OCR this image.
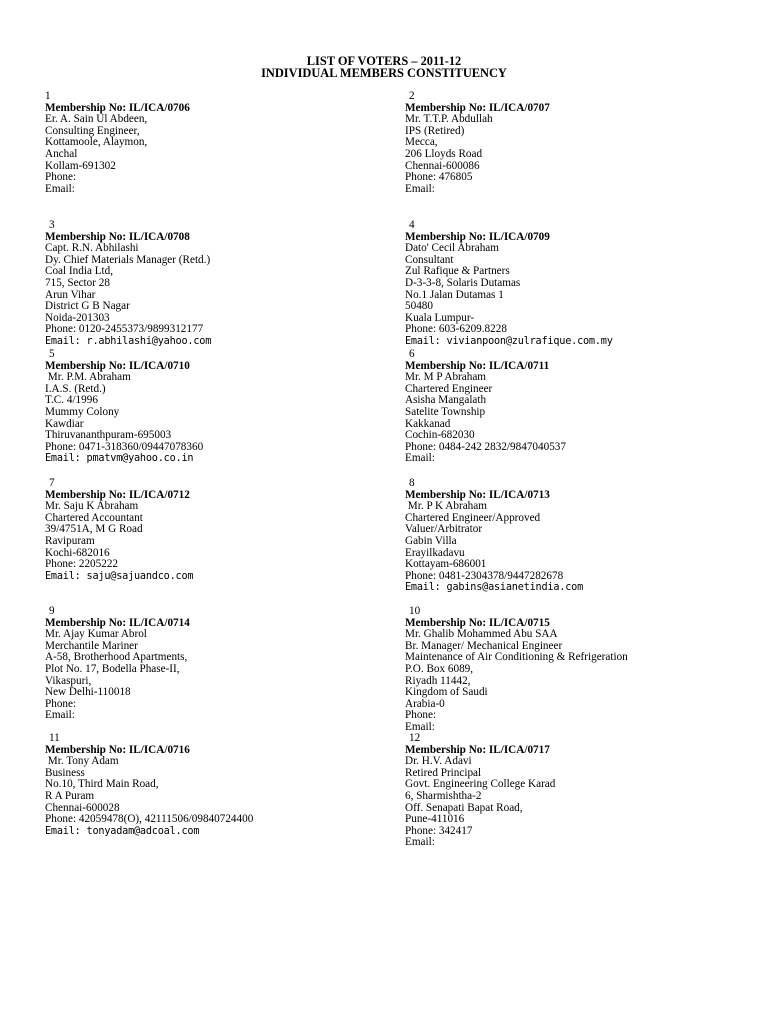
LIST OF VOTERS – 2011-12
INDIVIDUAL MEMBERS CONSTITUENCY
1
Membership No: IL/ICA/0706
Er. A. Sain Ul Abdeen,
Consulting Engineer,
Kottamoole, Alaymon,
Anchal
Kollam-691302
Phone:
Email:
2
Membership No: IL/ICA/0707
Mr. T.T.P. Abdullah
IPS (Retired)
Mecca,
206 Lloyds Road
Chennai-600086
Phone: 476805
Email:
3
Membership No: IL/ICA/0708
Capt. R.N. Abhilashi
Dy. Chief Materials Manager (Retd.)
Coal India Ltd,
715, Sector 28
Arun Vihar
District G B Nagar
Noida-201303
Phone: 0120-2455373/9899312177
Email: r.abhilashi@yahoo.com
4
Membership No: IL/ICA/0709
Dato' Cecil Abraham
Consultant
Zul Rafique & Partners
D-3-3-8, Solaris Dutamas
No.1 Jalan Dutamas 1
50480
Kuala Lumpur-
Phone: 603-6209.8228
Email: vivianpoon@zulrafique.com.my
5
Membership No: IL/ICA/0710
Mr. P.M. Abraham
I.A.S. (Retd.)
T.C. 4/1996
Mummy Colony
Kawdiar
Thiruvananthpuram-695003
Phone: 0471-318360/09447078360
Email: pmatvm@yahoo.co.in
6
Membership No: IL/ICA/0711
Mr. M P Abraham
Chartered Engineer
Asisha Mangalath
Satelite Township
Kakkanad
Cochin-682030
Phone: 0484-242 2832/9847040537
Email:
7
Membership No: IL/ICA/0712
Mr. Saju K Abraham
Chartered Accountant
39/4751A, M G Road
Ravipuram
Kochi-682016
Phone: 2205222
Email: saju@sajuandco.com
8
Membership No: IL/ICA/0713
Mr. P K Abraham
Chartered Engineer/Approved
Valuer/Arbitrator
Gabin Villa
Erayilkadavu
Kottayam-686001
Phone: 0481-2304378/9447282678
Email: gabins@asianetindia.com
9
Membership No: IL/ICA/0714
Mr. Ajay Kumar Abrol
Merchantile Mariner
A-58, Brotherhood Apartments,
Plot No. 17, Bodella Phase-II,
Vikaspuri,
New Delhi-110018
Phone:
Email:
10
Membership No: IL/ICA/0715
Mr. Ghalib Mohammed Abu SAA
Br. Manager/ Mechanical Engineer
Maintenance of Air Conditioning & Refrigeration
P.O. Box 6089,
Riyadh 11442,
Kingdom of Saudi
Arabia-0
Phone:
Email:
11
Membership No: IL/ICA/0716
Mr. Tony Adam
Business
No.10, Third Main Road,
R A Puram
Chennai-600028
Phone: 42059478(O), 42111506/09840724400
Email: tonyadam@adcoal.com
12
Membership No: IL/ICA/0717
Dr. H.V. Adavi
Retired Principal
Govt. Engineering College Karad
6, Sharmishtha-2
Off. Senapati Bapat Road,
Pune-411016
Phone: 342417
Email:
